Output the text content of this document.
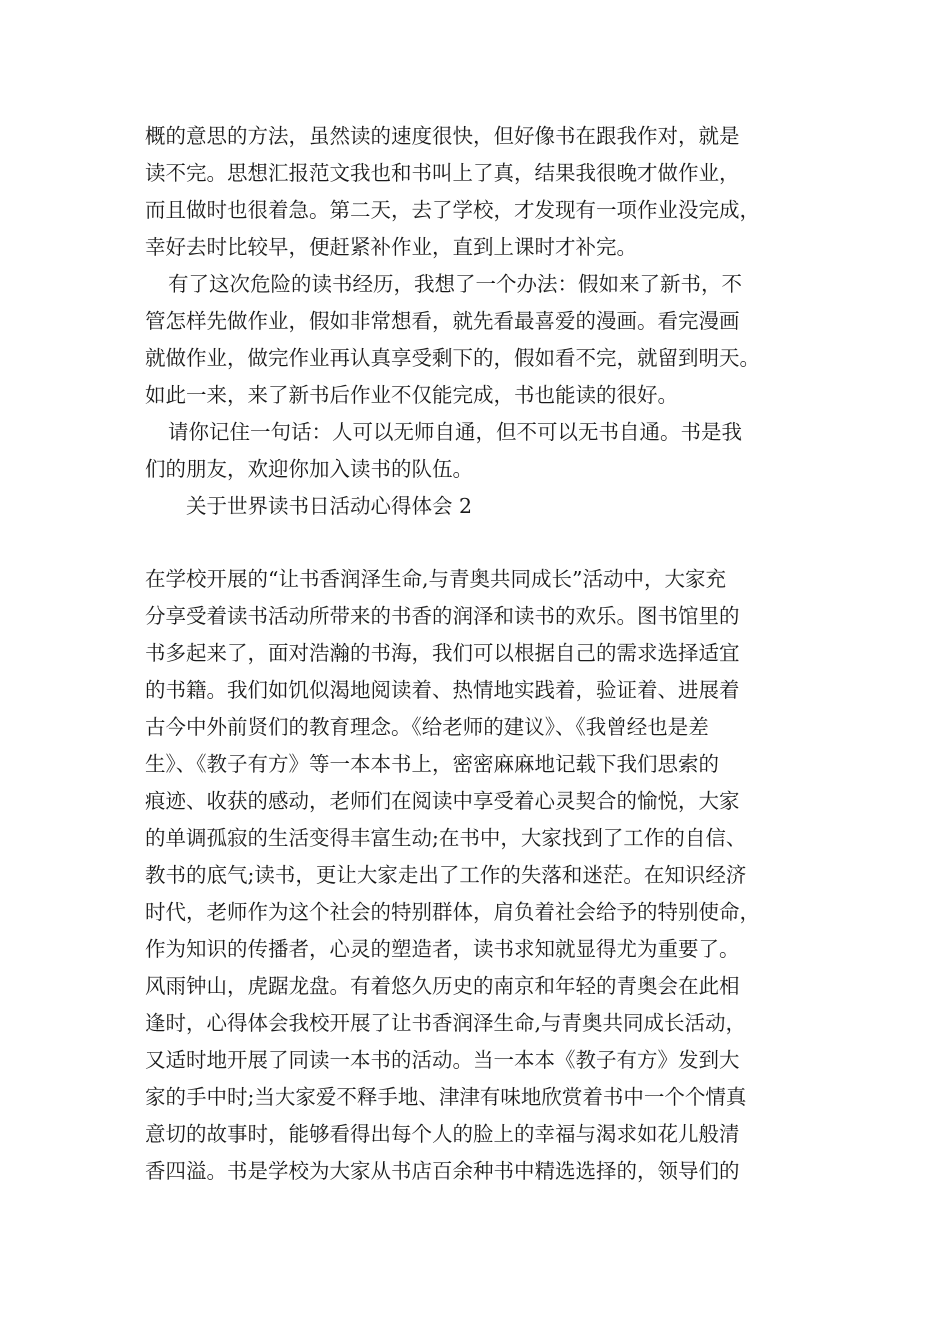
概的意思的方法，虽然读的速度很快，但好像书在跟我作对，就是
读不完。思想汇报范文我也和书叫上了真，结果我很晚才做作业，
而且做时也很着急。第二天，去了学校，才发现有一项作业没完成，
幸好去时比较早，便赶紧补作业，直到上课时才补完。
有了这次危险的读书经历，我想了一个办法：假如来了新书，不
管怎样先做作业，假如非常想看，就先看最喜爱的漫画。看完漫画
就做作业，做完作业再认真享受剩下的，假如看不完，就留到明天。
如此一来，来了新书后作业不仅能完成，书也能读的很好。
请你记住一句话：人可以无师自通，但不可以无书自通。书是我
们的朋友，欢迎你加入读书的队伍。
关于世界读书日活动心得体会 2
在学校开展的“让书香润泽生命,与青奥共同成长”活动中，大家充
分享受着读书活动所带来的书香的润泽和读书的欢乐。图书馆里的
书多起来了，面对浩瀚的书海，我们可以根据自己的需求选择适宜
的书籍。我们如饥似渴地阅读着、热情地实践着，验证着、进展着
古今中外前贤们的教育理念。《给老师的建议》、《我曾经也是差
生》、《教子有方》等一本本书上，密密麻麻地记载下我们思索的
痕迹、收获的感动，老师们在阅读中享受着心灵契合的愉悦，大家
的单调孤寂的生活变得丰富生动;在书中，大家找到了工作的自信、
教书的底气;读书，更让大家走出了工作的失落和迷茫。在知识经济
时代，老师作为这个社会的特别群体，肩负着社会给予的特别使命，
作为知识的传播者，心灵的塑造者，读书求知就显得尤为重要了。
风雨钟山，虎踞龙盘。有着悠久历史的南京和年轻的青奥会在此相
逢时，心得体会我校开展了让书香润泽生命,与青奥共同成长活动，
又适时地开展了同读一本书的活动。当一本本《教子有方》发到大
家的手中时;当大家爱不释手地、津津有味地欣赏着书中一个个情真
意切的故事时，能够看得出每个人的脸上的幸福与渴求如花儿般清
香四溢。书是学校为大家从书店百余种书中精选选择的，领导们的
